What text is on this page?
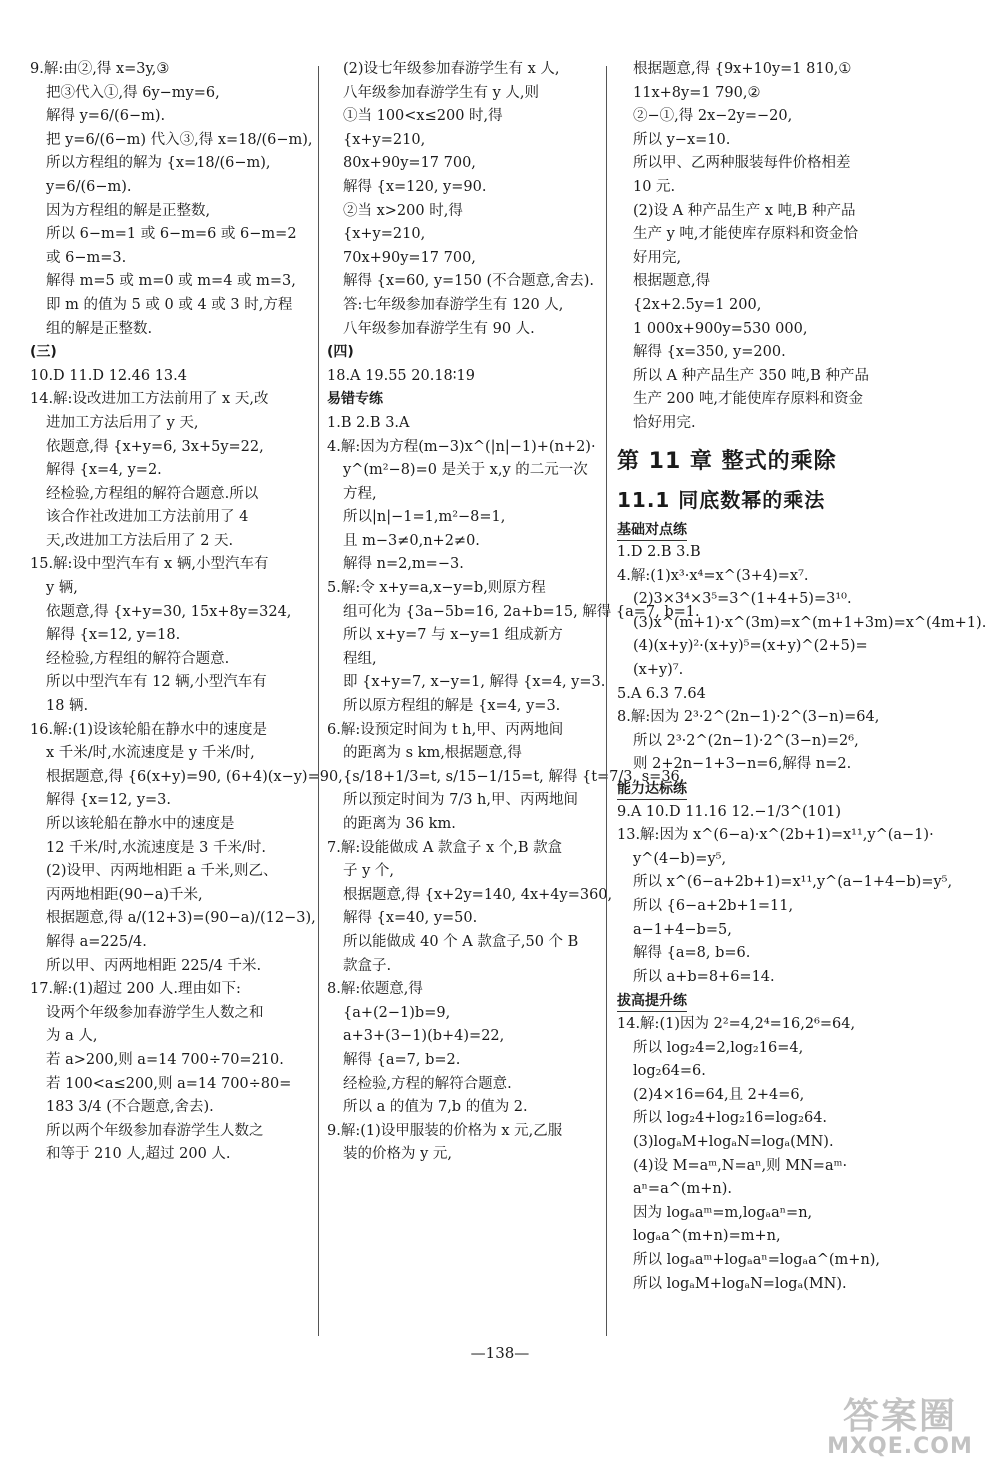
9.解:由②,得 x=3y,③
把③代入①,得 6y−my=6,
解得 y=6/(6−m).
把 y=6/(6−m) 代入③,得 x=18/(6−m),
所以方程组的解为 {x=18/(6−m),
y=6/(6−m).
因为方程组的解是正整数,
所以 6−m=1 或 6−m=6 或 6−m=2
或 6−m=3.
解得 m=5 或 m=0 或 m=4 或 m=3,
即 m 的值为 5 或 0 或 4 或 3 时,方程
组的解是正整数.
(三)
10.D 11.D 12.46 13.4
14.解:设改进加工方法前用了 x 天,改
进加工方法后用了 y 天,
依题意,得 {x+y=6, 3x+5y=22,
解得 {x=4, y=2.
经检验,方程组的解符合题意.所以
该合作社改进加工方法前用了 4
天,改进加工方法后用了 2 天.
15.解:设中型汽车有 x 辆,小型汽车有
y 辆,
依题意,得 {x+y=30, 15x+8y=324,
解得 {x=12, y=18.
经检验,方程组的解符合题意.
所以中型汽车有 12 辆,小型汽车有
18 辆.
16.解:(1)设该轮船在静水中的速度是
x 千米/时,水流速度是 y 千米/时,
根据题意,得 {6(x+y)=90, (6+4)(x−y)=90,
解得 {x=12, y=3.
所以该轮船在静水中的速度是
12 千米/时,水流速度是 3 千米/时.
(2)设甲、丙两地相距 a 千米,则乙、
丙两地相距(90−a)千米,
根据题意,得 a/(12+3)=(90−a)/(12−3),
解得 a=225/4.
所以甲、丙两地相距 225/4 千米.
17.解:(1)超过 200 人.理由如下:
设两个年级参加春游学生人数之和
为 a 人,
若 a>200,则 a=14 700÷70=210.
若 100<a≤200,则 a=14 700÷80=
183 3/4 (不合题意,舍去).
所以两个年级参加春游学生人数之
和等于 210 人,超过 200 人.
(2)设七年级参加春游学生有 x 人,
八年级参加春游学生有 y 人,则
①当 100<x≤200 时,得
{x+y=210,
80x+90y=17 700,
解得 {x=120, y=90.
②当 x>200 时,得
{x+y=210,
70x+90y=17 700,
解得 {x=60, y=150 (不合题意,舍去).
答:七年级参加春游学生有 120 人,
八年级参加春游学生有 90 人.
(四)
18.A 19.55 20.18∶19
易错专练
1.B 2.B 3.A
4.解:因为方程(m−3)x^(|n|−1)+(n+2)·
y^(m²−8)=0 是关于 x,y 的二元一次
方程,
所以|n|−1=1,m²−8=1,
且 m−3≠0,n+2≠0.
解得 n=2,m=−3.
5.解:令 x+y=a,x−y=b,则原方程
组可化为 {3a−5b=16, 2a+b=15, 解得 {a=7, b=1.
所以 x+y=7 与 x−y=1 组成新方
程组,
即 {x+y=7, x−y=1, 解得 {x=4, y=3.
所以原方程组的解是 {x=4, y=3.
6.解:设预定时间为 t h,甲、丙两地间
的距离为 s km,根据题意,得
{s/18+1/3=t, s/15−1/15=t, 解得 {t=7/3, s=36.
所以预定时间为 7/3 h,甲、丙两地间
的距离为 36 km.
7.解:设能做成 A 款盒子 x 个,B 款盒
子 y 个,
根据题意,得 {x+2y=140, 4x+4y=360,
解得 {x=40, y=50.
所以能做成 40 个 A 款盒子,50 个 B
款盒子.
8.解:依题意,得
{a+(2−1)b=9,
a+3+(3−1)(b+4)=22,
解得 {a=7, b=2.
经检验,方程的解符合题意.
所以 a 的值为 7,b 的值为 2.
9.解:(1)设甲服装的价格为 x 元,乙服
装的价格为 y 元,
根据题意,得 {9x+10y=1 810,①
11x+8y=1 790,②
②−①,得 2x−2y=−20,
所以 y−x=10.
所以甲、乙两种服装每件价格相差
10 元.
(2)设 A 种产品生产 x 吨,B 种产品
生产 y 吨,才能使库存原料和资金恰
好用完,
根据题意,得
{2x+2.5y=1 200,
1 000x+900y=530 000,
解得 {x=350, y=200.
所以 A 种产品生产 350 吨,B 种产品
生产 200 吨,才能使库存原料和资金
恰好用完.
第 11 章 整式的乘除
11.1 同底数幂的乘法
基础对点练
1.D 2.B 3.B
4.解:(1)x³·x⁴=x^(3+4)=x⁷.
(2)3×3⁴×3⁵=3^(1+4+5)=3¹⁰.
(3)x^(m+1)·x^(3m)=x^(m+1+3m)=x^(4m+1).
(4)(x+y)²·(x+y)⁵=(x+y)^(2+5)=
(x+y)⁷.
5.A 6.3 7.64
8.解:因为 2³·2^(2n−1)·2^(3−n)=64,
所以 2³·2^(2n−1)·2^(3−n)=2⁶,
则 2+2n−1+3−n=6,解得 n=2.
能力达标练
9.A 10.D 11.16 12.−1/3^(101)
13.解:因为 x^(6−a)·x^(2b+1)=x¹¹,y^(a−1)·
y^(4−b)=y⁵,
所以 x^(6−a+2b+1)=x¹¹,y^(a−1+4−b)=y⁵,
所以 {6−a+2b+1=11,
a−1+4−b=5,
解得 {a=8, b=6.
所以 a+b=8+6=14.
拔高提升练
14.解:(1)因为 2²=4,2⁴=16,2⁶=64,
所以 log₂4=2,log₂16=4,
log₂64=6.
(2)4×16=64,且 2+4=6,
所以 log₂4+log₂16=log₂64.
(3)logₐM+logₐN=logₐ(MN).
(4)设 M=aᵐ,N=aⁿ,则 MN=aᵐ·
aⁿ=a^(m+n).
因为 logₐaᵐ=m,logₐaⁿ=n,
logₐa^(m+n)=m+n,
所以 logₐaᵐ+logₐaⁿ=logₐa^(m+n),
所以 logₐM+logₐN=logₐ(MN).
—138—
答案圈
MXQE.COM
